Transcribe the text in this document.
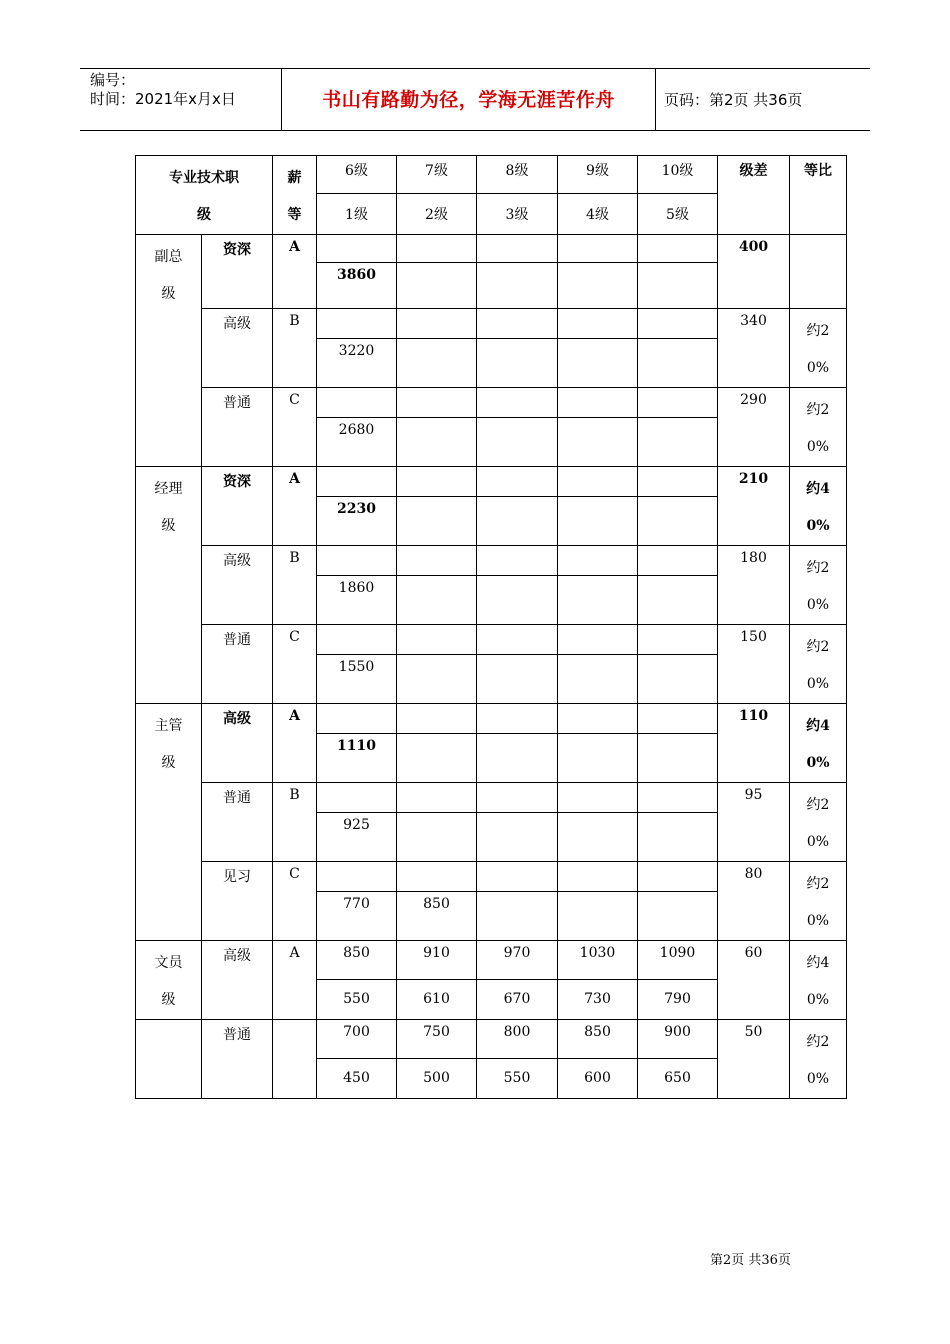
编号：
时间：2021年x月x日	书山有路勤为径，学海无涯苦作舟	页码：第2页 共36页
专业技术职级		薪等	6级	7级	8级	9级	10级	级差	等比
			1级	2级	3级	4级	5级		
副总级	资深	A						400	
			3860						
	高级	B						340	约20%
			3220						
	普通	C						290	约20%
			2680						
经理级	资深	A						210	约40%
			2230						
	高级	B						180	约20%
			1860						
	普通	C						150	约20%
			1550						
主管级	高级	A						110	约40%
			1110						
	普通	B						95	约20%
			925						
	见习	C						80	约20%
			770	850					
文员级	高级	A	850	910	970	1030	1090	60	约40%
			550	610	670	730	790		
	普通		700	750	800	850	900	50	约20%
			450	500	550	600	650		
第2页 共36页
